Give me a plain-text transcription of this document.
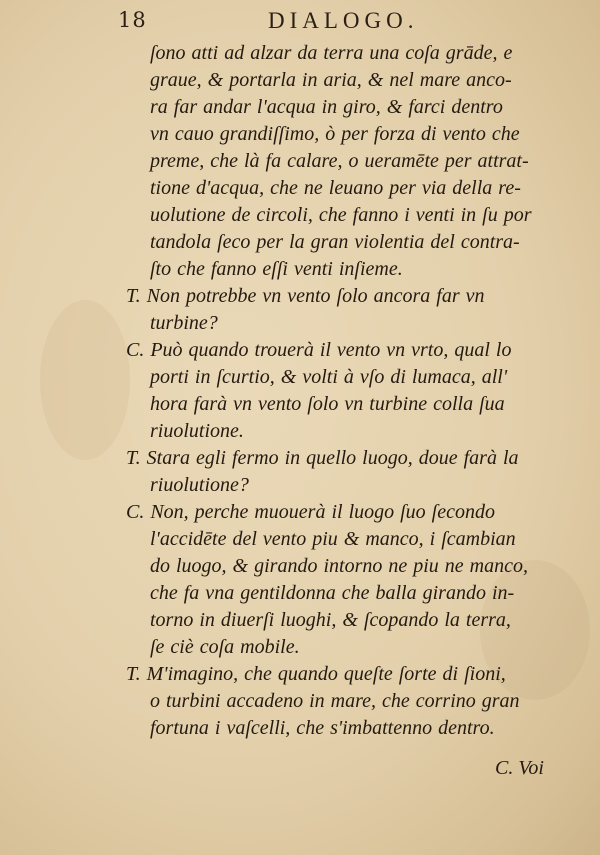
18	DIALOGO.
ſono atti ad alzar da terra una coſa grāde, e
graue, & portarla in aria, & nel mare anco-
ra far andar l'acqua in giro, & farci dentro
vn cauo grandiſſimo, ò per forza di vento che
preme, che là fa calare, o ueramēte per attrat-
tione d'acqua, che ne leuano per via della re-
uolutione de circoli, che fanno i venti in ſu por
tandola ſeco per la gran violentia del contra-
ſto che fanno eſſi venti inſieme.
T. Non potrebbe vn vento ſolo ancora far vn
turbine?
C. Può quando trouerà il vento vn vrto, qual lo
porti in ſcurtio, & volti à vſo di lumaca, all'
hora farà vn vento ſolo vn turbine colla ſua
riuolutione.
T. Stara egli fermo in quello luogo, doue farà la
riuolutione?
C. Non, perche muouerà il luogo ſuo ſecondo
l'accidēte del vento piu & manco, i ſcambian
do luogo, & girando intorno ne piu ne manco,
che fa vna gentildonna che balla girando in-
torno in diuerſi luoghi, & ſcopando la terra,
ſe ciè coſa mobile.
T. M'imagino, che quando queſte ſorte di ſioni,
o turbini accadeno in mare, che corrino gran
fortuna i vaſcelli, che s'imbattenno dentro.
C. Voi
